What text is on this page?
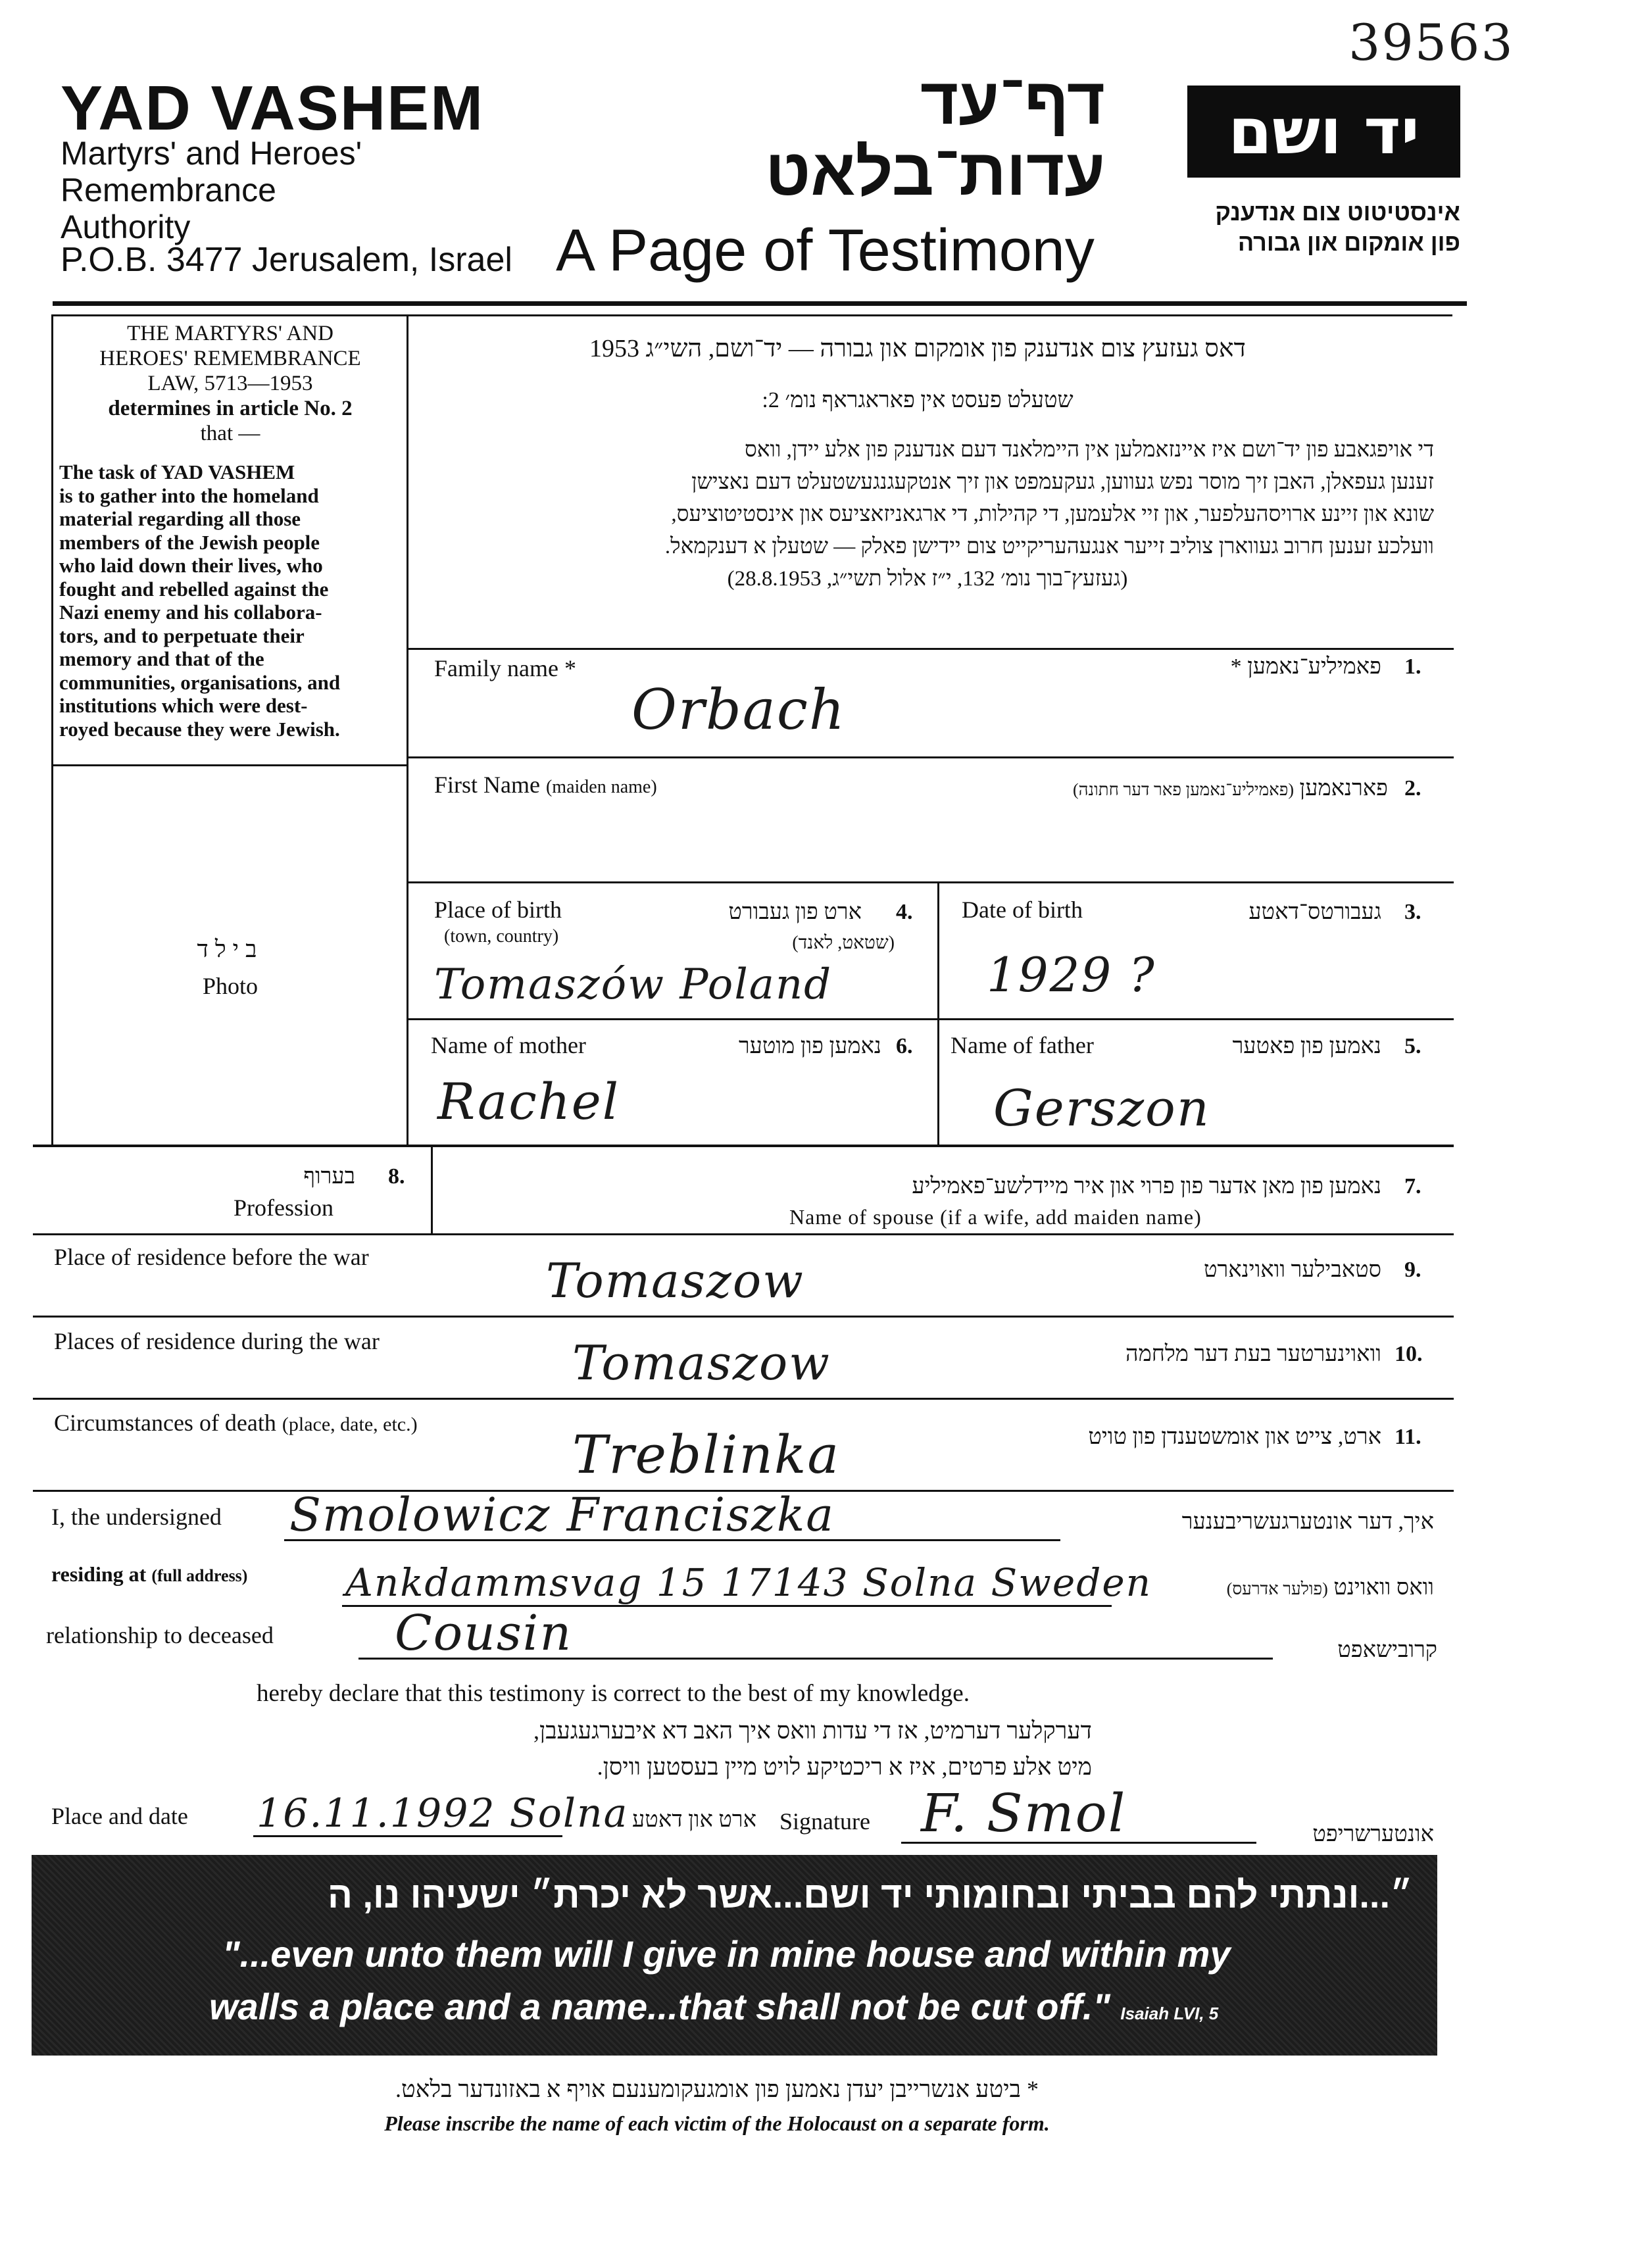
39563
YAD VASHEM
Martyrs' and Heroes'
Remembrance
Authority
P.O.B. 3477 Jerusalem, Israel
דף־עד
עדות־בלאט
A Page of Testimony
יד ושם
אינסטיטוט צום אנדענק
פון אומקום און גבורה
THE MARTYRS' AND
HEROES' REMEMBRANCE
LAW, 5713—1953
determines in article No. 2
that —
The task of YAD VASHEM
is to gather into the homeland
material regarding all those
members of the Jewish people
who laid down their lives, who
fought and rebelled against the
Nazi enemy and his collabora-
tors, and to perpetuate their
memory and that of the
communities, organisations, and
institutions which were dest-
royed because they were Jewish.
בילד
Photo
דאס געזעץ צום אנדענק פון אומקום און גבורה — יד־ושם, השי״ג 1953
שטעלט פעסט אין פאראגראף נומ׳ 2:
די אויפגאבע פון יד־ושם איז איינזאמלען אין היימלאנד דעם אנדענק פון אלע יידן, וואס
זענען געפאלן, האבן זיך מוסר נפש געווען, געקעמפט און זיך אנטקעגנגעשטעלט דעם נאצישן
שונא און זיינע ארויסהעלפער, און זיי אלעמען, די קהילות, די ארגאניזאציעס און אינסטיטוציעס,
וועלכע זענען חרוב געווארן צוליב זייער אנגעהעריקייט צום יידישן פאלק — שטעלן א דענקמאל.
(געזעץ־בוך נומ׳ 132, י״ז אלול תשי״ג, 28.8.1953)
Family name *	פאמיליע־נאמען * 1.
Orbach
First Name (maiden name)	פארנאמען (פאמיליע־נאמען פאר דער חתונה)	2.
Place of birth
(town, country)
ארט פון געבורט
(שטאט, לאנד)
4.
Tomaszów Poland
Date of birth	געבורטס־דאטע 3.
1929 ?
Name of mother	נאמען פון מוטער 6.
Rachel
Name of father	נאמען פון פאטער 5.
Gerszon
בערוף 8.
Profession
נאמען פון מאן אדער פון פרוי און איר מיידלשע־פאמיליע 7.
Name of spouse (if a wife, add maiden name)
Place of residence before the war	סטאבילער וואוינארט 9.
Tomaszow
Places of residence during the war	וואוינערטער בעת דער מלחמה 10.
Tomaszow
Circumstances of death (place, date, etc.)
ארט, צייט און אומשטענדן פון טויט 11.
Treblinka
I, the undersigned Smolowicz Franciszka	איך, דער אונטערגעשריבענער
residing at (full address)	Ankdammsvag 15 17143 Solna Sweden	וואס וואוינט (פולער אדרעס)
relationship to deceased Cousin	קרובישאפט
hereby declare that this testimony is correct to the best of my knowledge.
דערקלער דערמיט, אז די עדות וואס איך האב דא איבערגעגעבן,
מיט אלע פרטים, איז א ריכטיקע לויט מיין בעסטען וויסן.
Place and date 16.11.1992 Solna ארט און דאטע Signature F. Smol	אונטערשריפט
״...ונתתי להם בביתי ובחומותי יד ושם...אשר לא יכרת״ ישעיהו נו, ה
"...even unto them will I give in mine house and within my
walls a place and a name...that shall not be cut off." Isaiah LVI, 5
* ביטע אנשרייבן יעדן נאמען פון אומגעקומענעם אויף א באזונדער בלאט.
Please inscribe the name of each victim of the Holocaust on a separate form.
